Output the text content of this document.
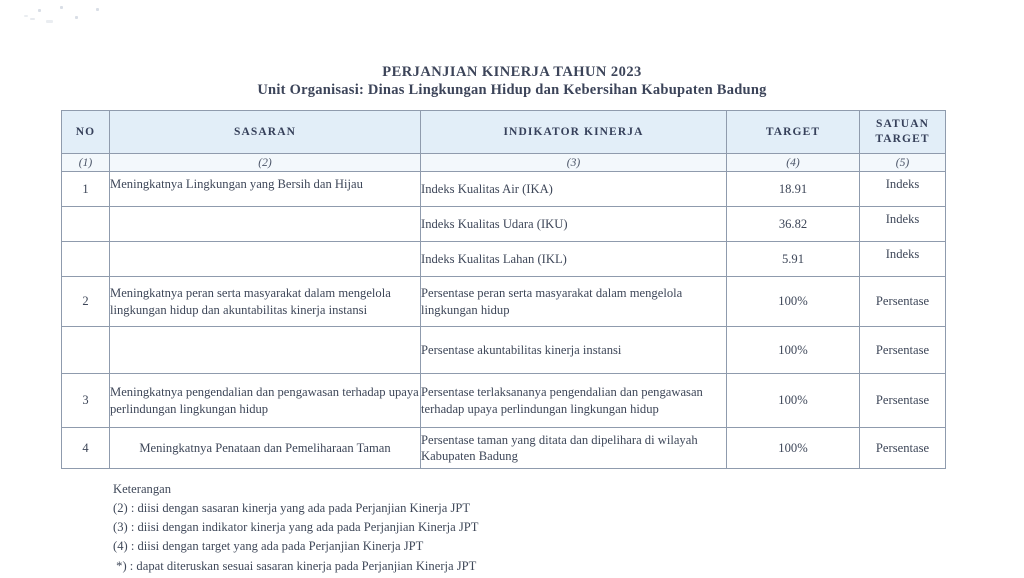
PERJANJIAN KINERJA TAHUN 2023
Unit Organisasi: Dinas Lingkungan Hidup dan Kebersihan Kabupaten Badung
NO	SASARAN	INDIKATOR KINERJA	TARGET	SATUAN
TARGET

(1)	(2)	(3)	(4)	(5)
1	Meningkatnya Lingkungan yang Bersih dan Hijau	Indeks Kualitas Air (IKA)	18.91	Indeks
		Indeks Kualitas Udara (IKU)	36.82	Indeks
		Indeks Kualitas Lahan (IKL)	5.91	Indeks
2	Meningkatnya peran serta masyarakat dalam mengelola lingkungan hidup dan akuntabilitas kinerja instansi	Persentase peran serta masyarakat dalam mengelola lingkungan hidup	100%	Persentase
		Persentase akuntabilitas kinerja instansi	100%	Persentase
3	Meningkatnya pengendalian dan pengawasan terhadap upaya perlindungan lingkungan hidup	Persentase terlaksananya pengendalian dan pengawasan terhadap upaya perlindungan lingkungan hidup	100%	Persentase
4	Meningkatnya Penataan dan Pemeliharaan Taman	Persentase taman yang ditata dan dipelihara di wilayah Kabupaten Badung	100%	Persentase
Keterangan
(2) : diisi dengan sasaran kinerja yang ada pada Perjanjian Kinerja JPT
(3) : diisi dengan indikator kinerja yang ada pada Perjanjian Kinerja JPT
(4) : diisi dengan target yang ada pada Perjanjian Kinerja JPT
*) : dapat diteruskan sesuai sasaran kinerja pada Perjanjian Kinerja JPT
